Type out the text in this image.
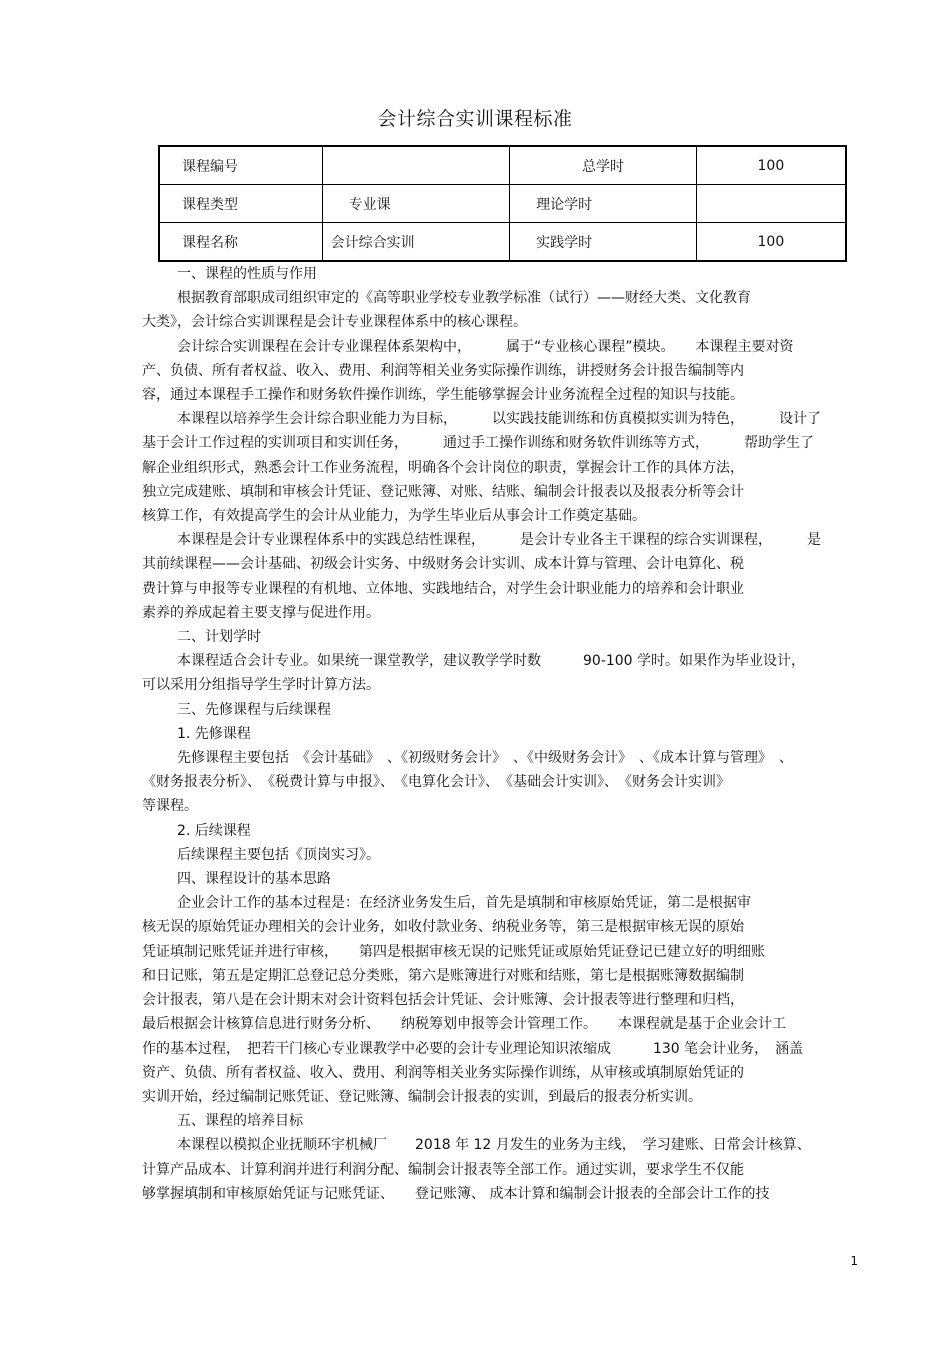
会计综合实训课程标准
课程编号		总学时	100
课程类型	专业课	理论学时	
课程名称	会计综合实训	实践学时	100
一、课程的性质与作用
根据教育部职成司组织审定的《高等职业学校专业教学标准（试行）——财经大类、文化教育
大类》，会计综合实训课程是会计专业课程体系中的核心课程。
会计综合实训课程在会计专业课程体系架构中，　　　属于“专业核心课程”模块。　　本课程主要对资
产、负债、所有者权益、收入、费用、利润等相关业务实际操作训练，讲授财务会计报告编制等内
容，通过本课程手工操作和财务软件操作训练，学生能够掌握会计业务流程全过程的知识与技能。
本课程以培养学生会计综合职业能力为目标，　　　以实践技能训练和仿真模拟实训为特色，　　　设计了
基于会计工作过程的实训项目和实训任务，　　　通过手工操作训练和财务软件训练等方式，　　　帮助学生了
解企业组织形式，熟悉会计工作业务流程，明确各个会计岗位的职责，掌握会计工作的具体方法，
独立完成建账、填制和审核会计凭证、登记账簿、对账、结账、编制会计报表以及报表分析等会计
核算工作，有效提高学生的会计从业能力，为学生毕业后从事会计工作奠定基础。
本课程是会计专业课程体系中的实践总结性课程，　　　是会计专业各主干课程的综合实训课程，　　　是
其前续课程——会计基础、初级会计实务、中级财务会计实训、成本计算与管理、会计电算化、税
费计算与申报等专业课程的有机地、立体地、实践地结合，对学生会计职业能力的培养和会计职业
素养的养成起着主要支撑与促进作用。
二、计划学时
本课程适合会计专业。如果统一课堂教学，建议教学学时数　　　90-100 学时。如果作为毕业设计，
可以采用分组指导学生学时计算方法。
三、先修课程与后续课程
1. 先修课程
先修课程主要包括　《会计基础》　、《初级财务会计》　、《中级财务会计》　、《成本计算与管理》　、
《财务报表分析》、　《税费计算与申报》、　《电算化会计》、　《基础会计实训》、　《财务会计实训》
等课程。
2. 后续课程
后续课程主要包括《顶岗实习》。
四、课程设计的基本思路
企业会计工作的基本过程是：在经济业务发生后，首先是填制和审核原始凭证，第二是根据审
核无误的原始凭证办理相关的会计业务，如收付款业务、纳税业务等，第三是根据审核无误的原始
凭证填制记账凭证并进行审核，　　第四是根据审核无误的记账凭证或原始凭证登记已建立好的明细账
和日记账，第五是定期汇总登记总分类账，第六是账簿进行对账和结账，第七是根据账簿数据编制
会计报表，第八是在会计期末对会计资料包括会计凭证、会计账簿、会计报表等进行整理和归档，
最后根据会计核算信息进行财务分析、　　纳税筹划申报等会计管理工作。　　本课程就是基于企业会计工
作的基本过程，　把若干门核心专业课教学中必要的会计专业理论知识浓缩成　　　130 笔会计业务，　涵盖
资产、负债、所有者权益、收入、费用、利润等相关业务实际操作训练，从审核或填制原始凭证的
实训开始，经过编制记账凭证、登记账簿、编制会计报表的实训，到最后的报表分析实训。
五、课程的培养目标
本课程以模拟企业抚顺环宇机械厂　　2018 年 12 月发生的业务为主线，　学习建账、日常会计核算、
计算产品成本、计算利润并进行利润分配、编制会计报表等全部工作。通过实训，要求学生不仅能
够掌握填制和审核原始凭证与记账凭证、　　登记账簿、 成本计算和编制会计报表的全部会计工作的技
1
